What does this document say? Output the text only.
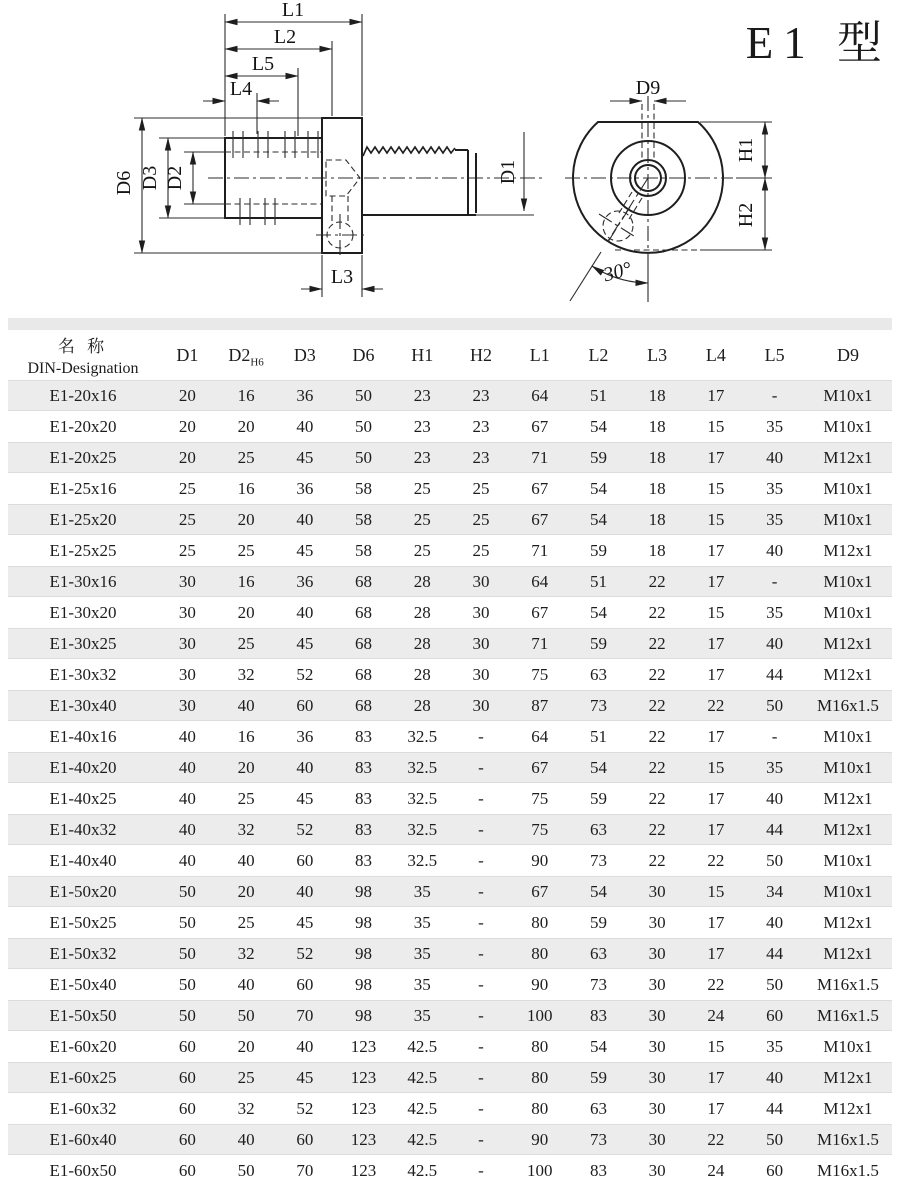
E1 型
L1
L2
L5
L4
L3
D6 D3 D2	D1
D9
H1
H2
30°
名 称
DIN-Designation
D1	$D2_{H6}$	D3	D6	H1	H2	L1	L2	L3	L4	L5	D9
E1-20x16	20	16	36	50	23	23	64	51	18	17	-	M10x1
E1-20x20	20	20	40	50	23	23	67	54	18	15	35	M10x1
E1-20x25	20	25	45	50	23	23	71	59	18	17	40	M12x1
E1-25x16	25	16	36	58	25	25	67	54	18	15	35	M10x1
E1-25x20	25	20	40	58	25	25	67	54	18	15	35	M10x1
E1-25x25	25	25	45	58	25	25	71	59	18	17	40	M12x1
E1-30x16	30	16	36	68	28	30	64	51	22	17	-	M10x1
E1-30x20	30	20	40	68	28	30	67	54	22	15	35	M10x1
E1-30x25	30	25	45	68	28	30	71	59	22	17	40	M12x1
E1-30x32	30	32	52	68	28	30	75	63	22	17	44	M12x1
E1-30x40	30	40	60	68	28	30	87	73	22	22	50	M16x1.5
E1-40x16	40	16	36	83	32.5	-	64	51	22	17	-	M10x1
E1-40x20	40	20	40	83	32.5	-	67	54	22	15	35	M10x1
E1-40x25	40	25	45	83	32.5	-	75	59	22	17	40	M12x1
E1-40x32	40	32	52	83	32.5	-	75	63	22	17	44	M12x1
E1-40x40	40	40	60	83	32.5	-	90	73	22	22	50	M10x1
E1-50x20	50	20	40	98	35	-	67	54	30	15	34	M10x1
E1-50x25	50	25	45	98	35	-	80	59	30	17	40	M12x1
E1-50x32	50	32	52	98	35	-	80	63	30	17	44	M12x1
E1-50x40	50	40	60	98	35	-	90	73	30	22	50	M16x1.5
E1-50x50	50	50	70	98	35	-	100	83	30	24	60	M16x1.5
E1-60x20	60	20	40	123	42.5	-	80	54	30	15	35	M10x1
E1-60x25	60	25	45	123	42.5	-	80	59	30	17	40	M12x1
E1-60x32	60	32	52	123	42.5	-	80	63	30	17	44	M12x1
E1-60x40	60	40	60	123	42.5	-	90	73	30	22	50	M16x1.5
E1-60x50	60	50	70	123	42.5	-	100	83	30	24	60	M16x1.5
